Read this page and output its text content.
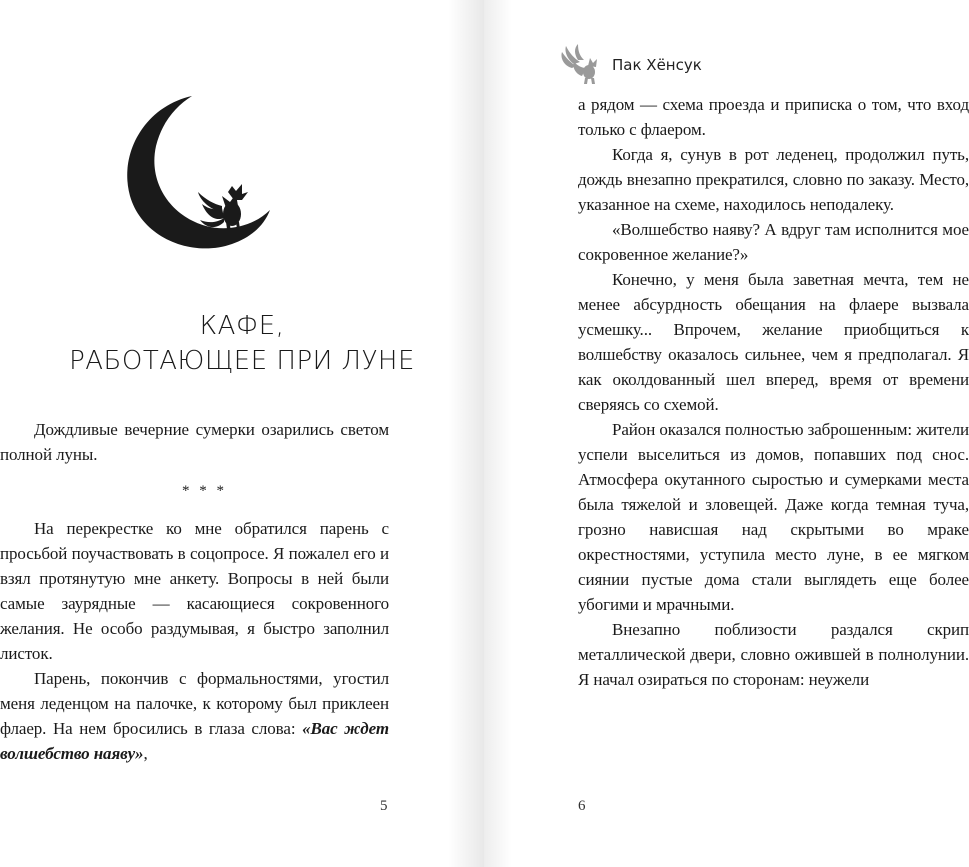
КАФЕ,
РАБОТАЮЩЕЕ ПРИ ЛУНЕ

Дождливые вечерние сумерки озарились светом полной луны.

* * *

На перекрестке ко мне обратился парень с просьбой поучаствовать в соцопросе. Я пожалел его и взял протянутую мне анкету. Вопросы в ней были самые заурядные — касающиеся сокровенного желания. Не особо раздумывая, я быстро заполнил листок.

Парень, покончив с формальностями, угостил меня леденцом на палочке, к которому был приклеен флаер. На нем бросились в глаза слова: «Вас ждет волшебство наяву»,

5	6
Пак Хёнсук

а рядом — схема проезда и приписка о том, что вход только с флаером.

Когда я, сунув в рот леденец, продолжил путь, дождь внезапно прекратился, словно по заказу. Место, указанное на схеме, находилось неподалеку.

«Волшебство наяву? А вдруг там исполнится мое сокровенное желание?»

Конечно, у меня была заветная мечта, тем не менее абсурдность обещания на флаере вызвала усмешку... Впрочем, желание приобщиться к волшебству оказалось сильнее, чем я предполагал. Я как околдованный шел вперед, время от времени сверяясь со схемой.

Район оказался полностью заброшенным: жители успели выселиться из домов, попавших под снос. Атмосфера окутанного сыростью и сумерками места была тяжелой и зловещей. Даже когда темная туча, грозно нависшая над скрытыми во мраке окрестностями, уступила место луне, в ее мягком сиянии пустые дома стали выглядеть еще более убогими и мрачными.

Внезапно поблизости раздался скрип металлической двери, словно ожившей в полнолунии. Я начал озираться по сторонам: неужели
